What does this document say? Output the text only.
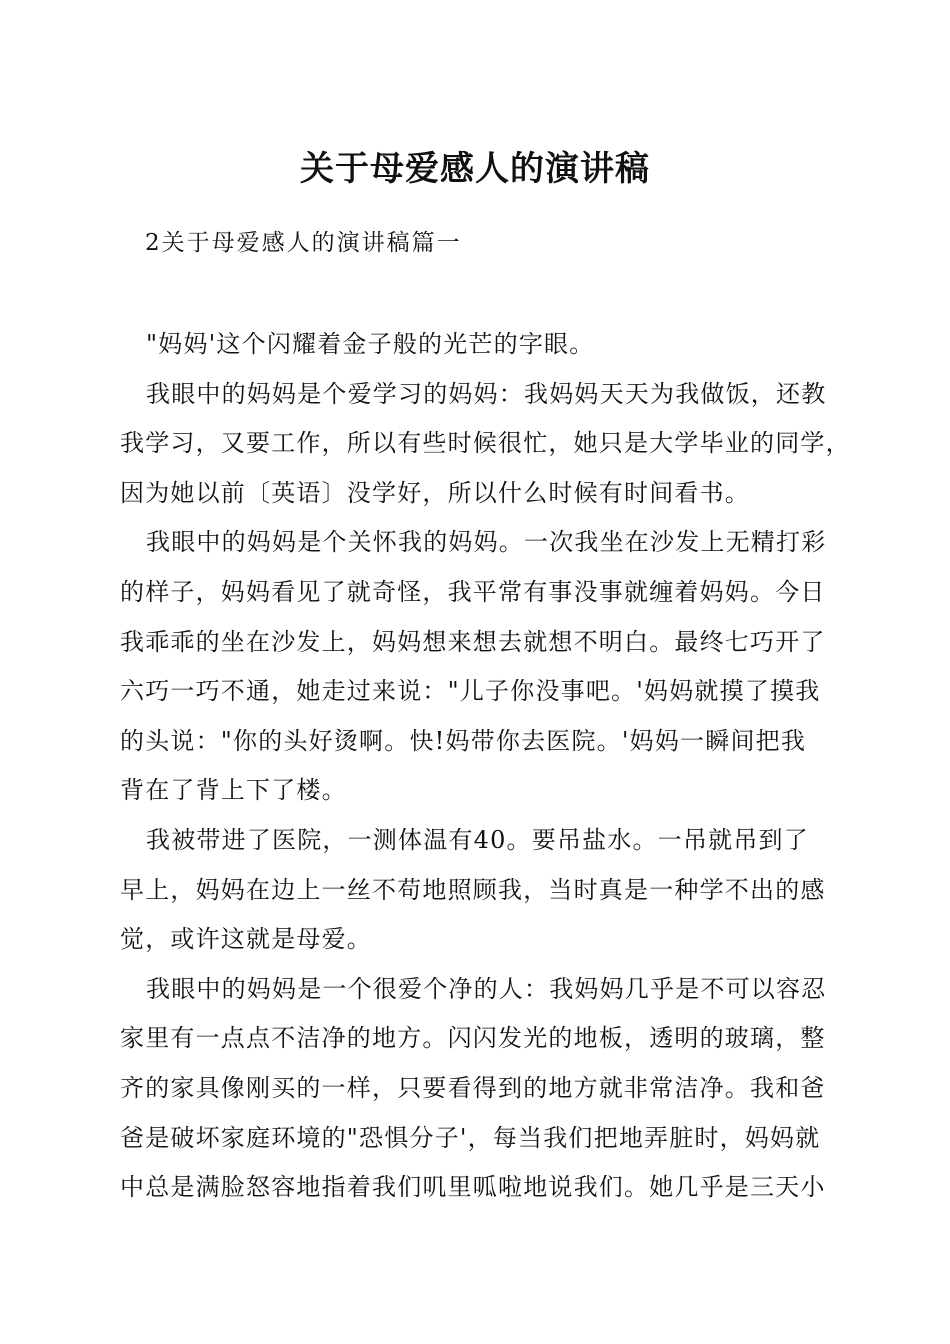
关于母爱感人的演讲稿
2关于母爱感人的演讲稿篇一

"妈妈'这个闪耀着金子般的光芒的字眼。

我眼中的妈妈是个爱学习的妈妈：我妈妈天天为我做饭，还教
我学习，又要工作，所以有些时候很忙，她只是大学毕业的同学，
因为她以前〔英语〕没学好，所以什么时候有时间看书。

我眼中的妈妈是个关怀我的妈妈。一次我坐在沙发上无精打彩
的样子，妈妈看见了就奇怪，我平常有事没事就缠着妈妈。今日
我乖乖的坐在沙发上，妈妈想来想去就想不明白。最终七巧开了
六巧一巧不通，她走过来说："儿子你没事吧。'妈妈就摸了摸我
的头说："你的头好烫啊。快!妈带你去医院。'妈妈一瞬间把我
背在了背上下了楼。

我被带进了医院，一测体温有40。要吊盐水。一吊就吊到了
早上，妈妈在边上一丝不苟地照顾我，当时真是一种学不出的感
觉，或许这就是母爱。

我眼中的妈妈是一个很爱个净的人：我妈妈几乎是不可以容忍
家里有一点点不洁净的地方。闪闪发光的地板，透明的玻璃，整
齐的家具像刚买的一样，只要看得到的地方就非常洁净。我和爸
爸是破坏家庭环境的"恐惧分子'，每当我们把地弄脏时，妈妈就
中总是满脸怒容地指着我们叽里呱啦地说我们。她几乎是三天小
